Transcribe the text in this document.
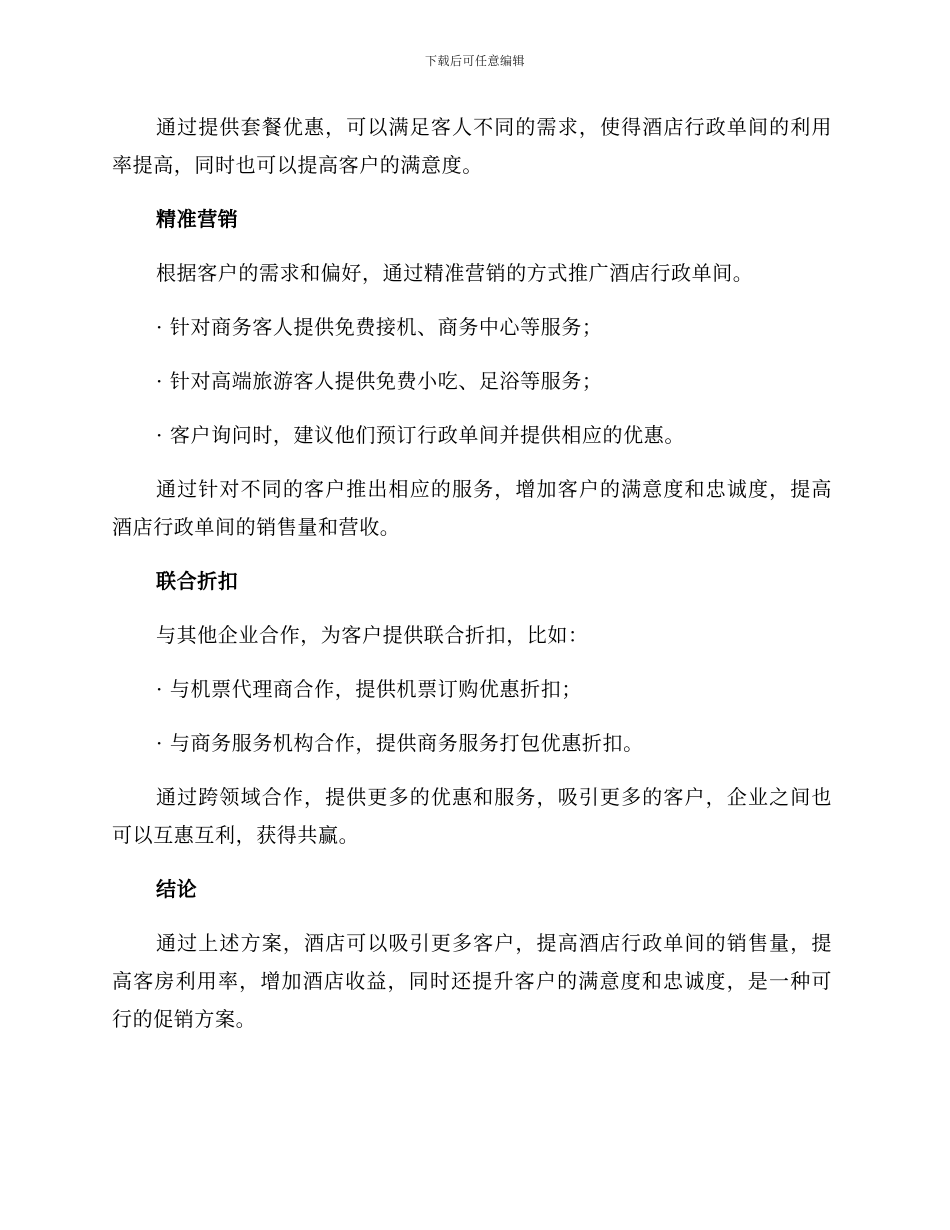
下载后可任意编辑

通过提供套餐优惠，可以满足客人不同的需求，使得酒店行政单间的利用率提高，同时也可以提高客户的满意度。

精准营销

根据客户的需求和偏好，通过精准营销的方式推广酒店行政单间。

· 针对商务客人提供免费接机、商务中心等服务；

· 针对高端旅游客人提供免费小吃、足浴等服务；

· 客户询问时，建议他们预订行政单间并提供相应的优惠。

通过针对不同的客户推出相应的服务，增加客户的满意度和忠诚度，提高酒店行政单间的销售量和营收。

联合折扣

与其他企业合作，为客户提供联合折扣，比如：

· 与机票代理商合作，提供机票订购优惠折扣；

· 与商务服务机构合作，提供商务服务打包优惠折扣。

通过跨领域合作，提供更多的优惠和服务，吸引更多的客户，企业之间也可以互惠互利，获得共赢。

结论

通过上述方案，酒店可以吸引更多客户，提高酒店行政单间的销售量，提高客房利用率，增加酒店收益，同时还提升客户的满意度和忠诚度，是一种可行的促销方案。
